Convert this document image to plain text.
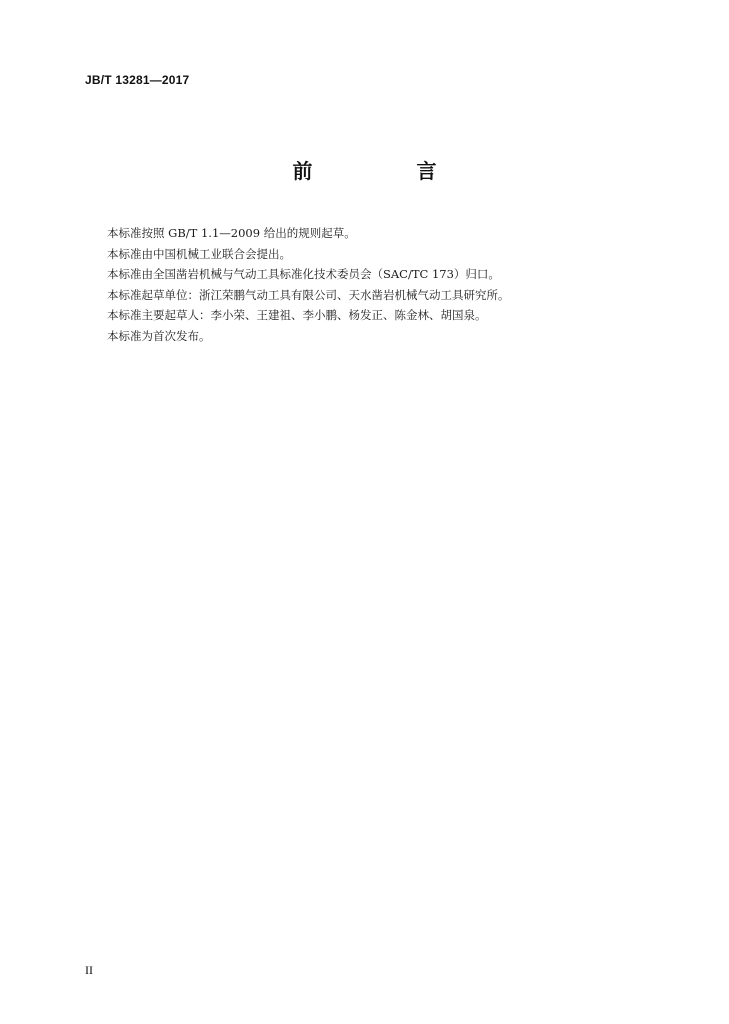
JB/T 13281—2017
前　言
本标准按照 GB/T 1.1—2009 给出的规则起草。
本标准由中国机械工业联合会提出。
本标准由全国凿岩机械与气动工具标准化技术委员会（SAC/TC 173）归口。
本标准起草单位：浙江荣鹏气动工具有限公司、天水凿岩机械气动工具研究所。
本标准主要起草人：李小荣、王建祖、李小鹏、杨发正、陈金林、胡国泉。
本标准为首次发布。
II
